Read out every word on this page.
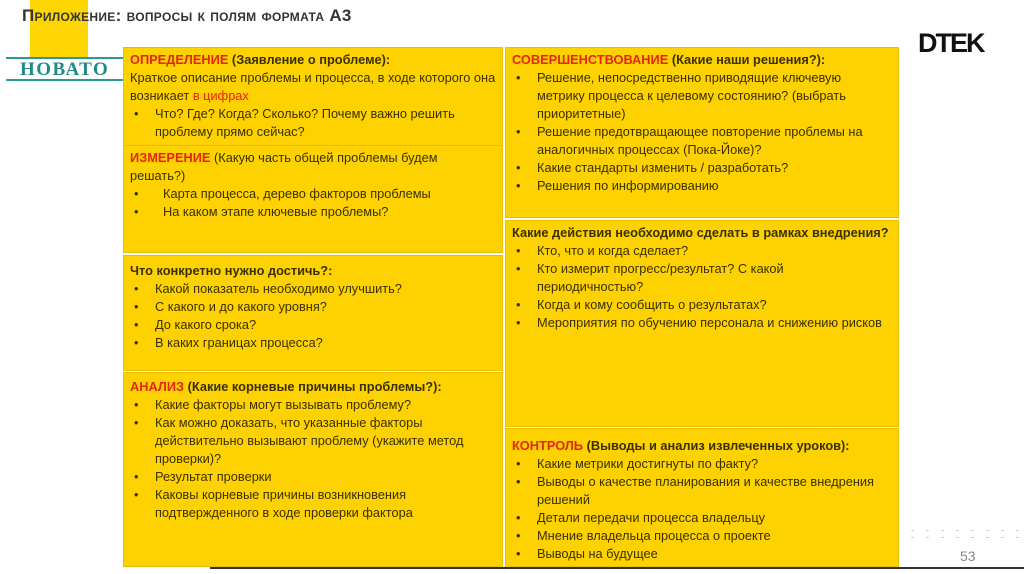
Приложение: вопросы к полям формата А3
НОВАТО
DTEK
ОПРЕДЕЛЕНИЕ (Заявление о проблеме):
Краткое описание проблемы и процесса, в ходе которого она возникает в цифрах
• Что? Где? Когда? Сколько? Почему важно решить проблему прямо сейчас?
ИЗМЕРЕНИЕ (Какую часть общей проблемы будем решать?)
• Карта процесса, дерево факторов проблемы
• На каком этапе ключевые проблемы?
Что конкретно нужно достичь?:
• Какой показатель необходимо улучшить?
• С какого и до какого уровня?
• До какого срока?
• В каких границах процесса?
АНАЛИЗ (Какие корневые причины проблемы?):
• Какие факторы могут вызывать проблему?
• Как можно доказать, что указанные факторы действительно вызывают проблему (укажите метод проверки)?
• Результат проверки
• Каковы корневые причины возникновения подтвержденного в ходе проверки фактора
СОВЕРШЕНСТВОВАНИЕ (Какие наши решения?):
• Решение, непосредственно приводящие ключевую метрику процесса к целевому состоянию? (выбрать приоритетные)
• Решение предотвращающее повторение проблемы на аналогичных процессах (Пока-Йоке)?
• Какие стандарты изменить / разработать?
• Решения по информированию
Какие действия необходимо сделать в рамках внедрения?
• Кто, что и когда сделает?
• Кто измерит прогресс/результат? С какой периодичностью?
• Когда и кому сообщить о результатах?
• Мероприятия по обучению персонала и снижению рисков
КОНТРОЛЬ (Выводы и анализ извлеченных уроков):
• Какие метрики достигнуты по факту?
• Выводы о качестве планирования и качестве внедрения решений
• Детали передачи процесса владельцу
• Мнение владельца процесса о проекте
• Выводы на будущее	53
